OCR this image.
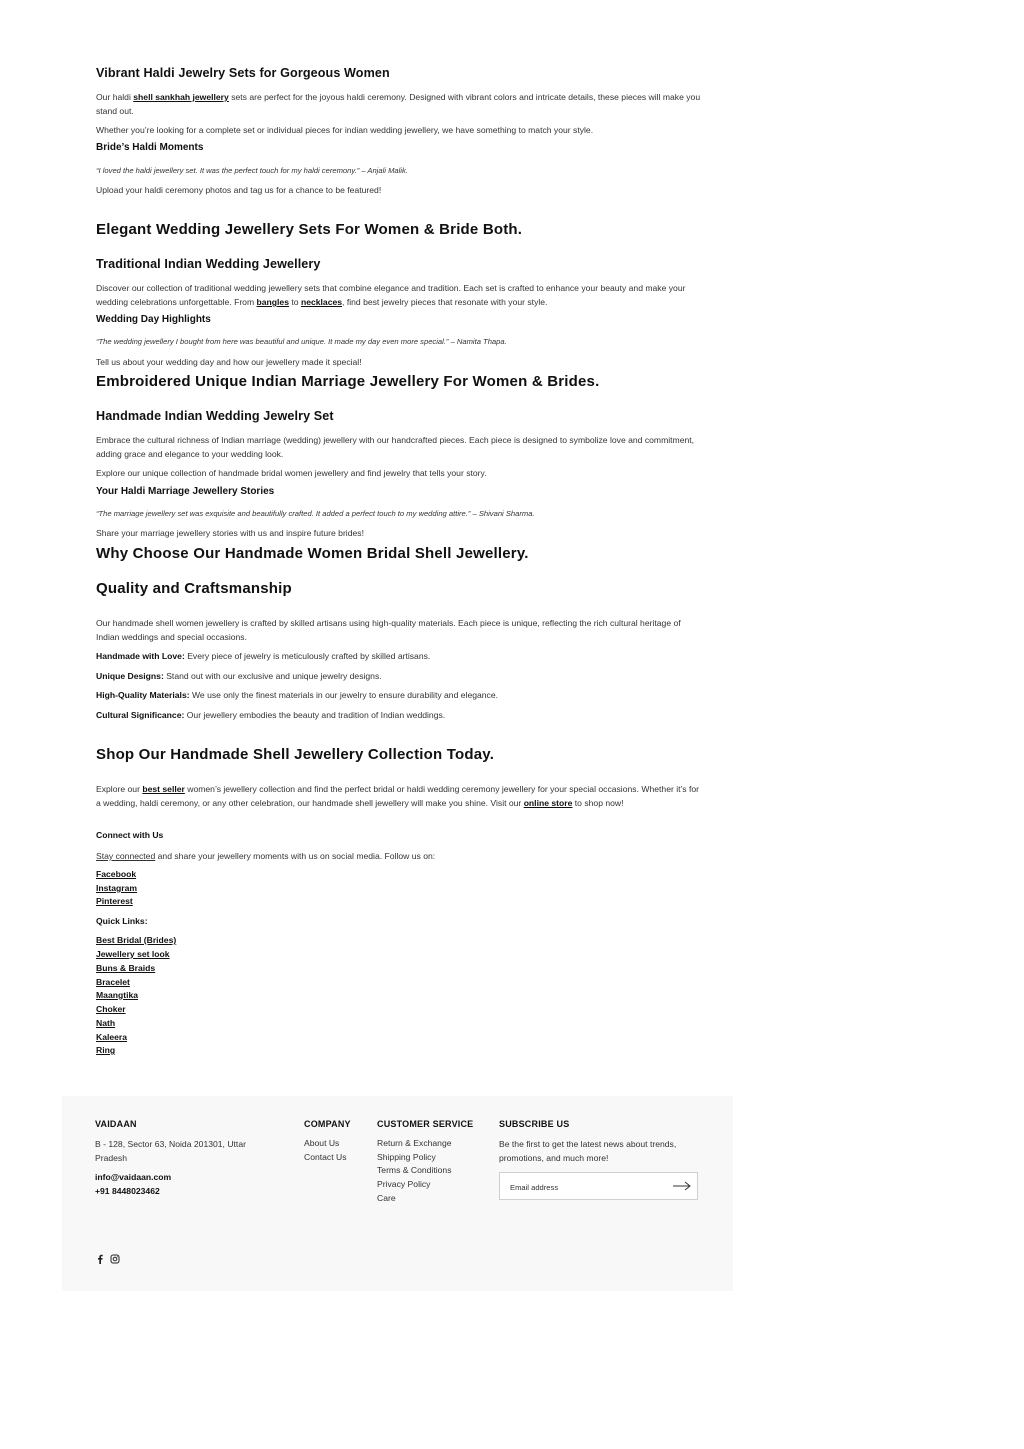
Vibrant Haldi Jewelry Sets for Gorgeous Women

Our haldi shell sankhah jewellery sets are perfect for the joyous haldi ceremony. Designed with vibrant colors and intricate details, these pieces will make you stand out.

Whether you’re looking for a complete set or individual pieces for indian wedding jewellery, we have something to match your style.

Bride’s Haldi Moments

“I loved the haldi jewellery set. It was the perfect touch for my haldi ceremony.” – Anjali Malik.

Upload your haldi ceremony photos and tag us for a chance to be featured!

Elegant Wedding Jewellery Sets For Women & Bride Both.
Traditional Indian Wedding Jewellery

Discover our collection of traditional wedding jewellery sets that combine elegance and tradition. Each set is crafted to enhance your beauty and make your wedding celebrations unforgettable. From bangles to necklaces, find best jewelry pieces that resonate with your style.

Wedding Day Highlights

“The wedding jewellery I bought from here was beautiful and unique. It made my day even more special.” – Namita Thapa.

Tell us about your wedding day and how our jewellery made it special!

Embroidered Unique Indian Marriage Jewellery For Women & Brides.
Handmade Indian Wedding Jewelry Set

Embrace the cultural richness of Indian marriage (wedding) jewellery with our handcrafted pieces. Each piece is designed to symbolize love and commitment, adding grace and elegance to your wedding look.

Explore our unique collection of handmade bridal women jewellery and find jewelry that tells your story.

Your Haldi Marriage Jewellery Stories

“The marriage jewellery set was exquisite and beautifully crafted. It added a perfect touch to my wedding attire.” – Shivani Sharma.

Share your marriage jewellery stories with us and inspire future brides!

Why Choose Our Handmade Women Bridal Shell Jewellery.
Quality and Craftsmanship

Our handmade shell women jewellery is crafted by skilled artisans using high-quality materials. Each piece is unique, reflecting the rich cultural heritage of Indian weddings and special occasions.

Handmade with Love: Every piece of jewelry is meticulously crafted by skilled artisans.

Unique Designs: Stand out with our exclusive and unique jewelry designs.

High-Quality Materials: We use only the finest materials in our jewelry to ensure durability and elegance.

Cultural Significance: Our jewellery embodies the beauty and tradition of Indian weddings.

Shop Our Handmade Shell Jewellery Collection Today.

Explore our best seller women’s jewellery collection and find the perfect bridal or haldi wedding ceremony jewellery for your special occasions. Whether it’s for a wedding, haldi ceremony, or any other celebration, our handmade shell jewellery will make you shine. Visit our online store to shop now!

Connect with Us

Stay connected and share your jewellery moments with us on social media. Follow us on:

Facebook
Instagram
Pinterest

Quick Links:

Best Bridal (Brides)
Jewellery set look
Buns & Braids
Bracelet
Maangtika
Choker
Nath
Kaleera
Ring
VAIDAAN
B - 128, Sector 63, Noida 201301, Uttar Pradesh
info@vaidaan.com
+91 8448023462
COMPANY
About Us
Contact Us
CUSTOMER SERVICE
Return & Exchange
Shipping Policy
Terms & Conditions
Privacy Policy
Care
SUBSCRIBE US
Be the first to get the latest news about trends, promotions, and much more!
Email address
